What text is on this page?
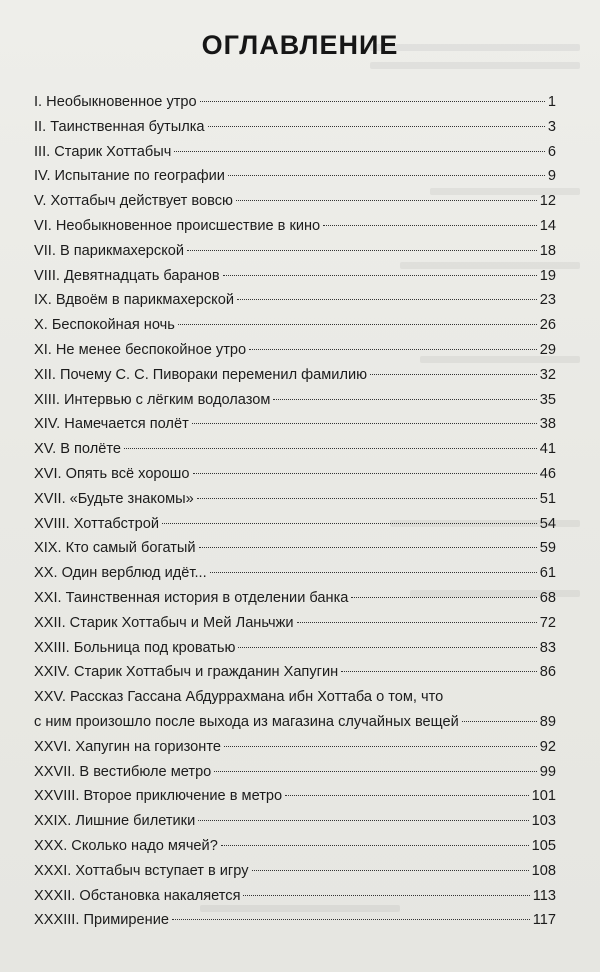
ОГЛАВЛЕНИЕ
I. Необыкновенное утро	1
II. Таинственная бутылка	3
III. Старик Хоттабыч	6
IV. Испытание по географии	9
V. Хоттабыч действует вовсю	12
VI. Необыкновенное происшествие в кино	14
VII. В парикмахерской	18
VIII. Девятнадцать баранов	19
IX. Вдвоём в парикмахерской	23
X. Беспокойная ночь	26
XI. Не менее беспокойное утро	29
XII. Почему С. С. Пивораки переменил фамилию	32
XIII. Интервью с лёгким водолазом	35
XIV. Намечается полёт	38
XV. В полёте	41
XVI. Опять всё хорошо	46
XVII. «Будьте знакомы»	51
XVIII. Хоттабстрой	54
XIX. Кто самый богатый	59
XX. Один верблюд идёт...	61
XXI. Таинственная история в отделении банка	68
XXII. Старик Хоттабыч и Мей Ланьчжи	72
XXIII. Больница под кроватью	83
XXIV. Старик Хоттабыч и гражданин Хапугин	86
XXV. Рассказ Гассана Абдуррахмана ибн Хоттаба о том, что
с ним произошло после выхода из магазина случайных вещей	89
XXVI. Хапугин на горизонте	92
XXVII. В вестибюле метро	99
XXVIII. Второе приключение в метро	101
XXIX. Лишние билетики	103
XXX. Сколько надо мячей?	105
XXXI. Хоттабыч вступает в игру	108
XXXII. Обстановка накаляется	113
XXXIII. Примирение	117
